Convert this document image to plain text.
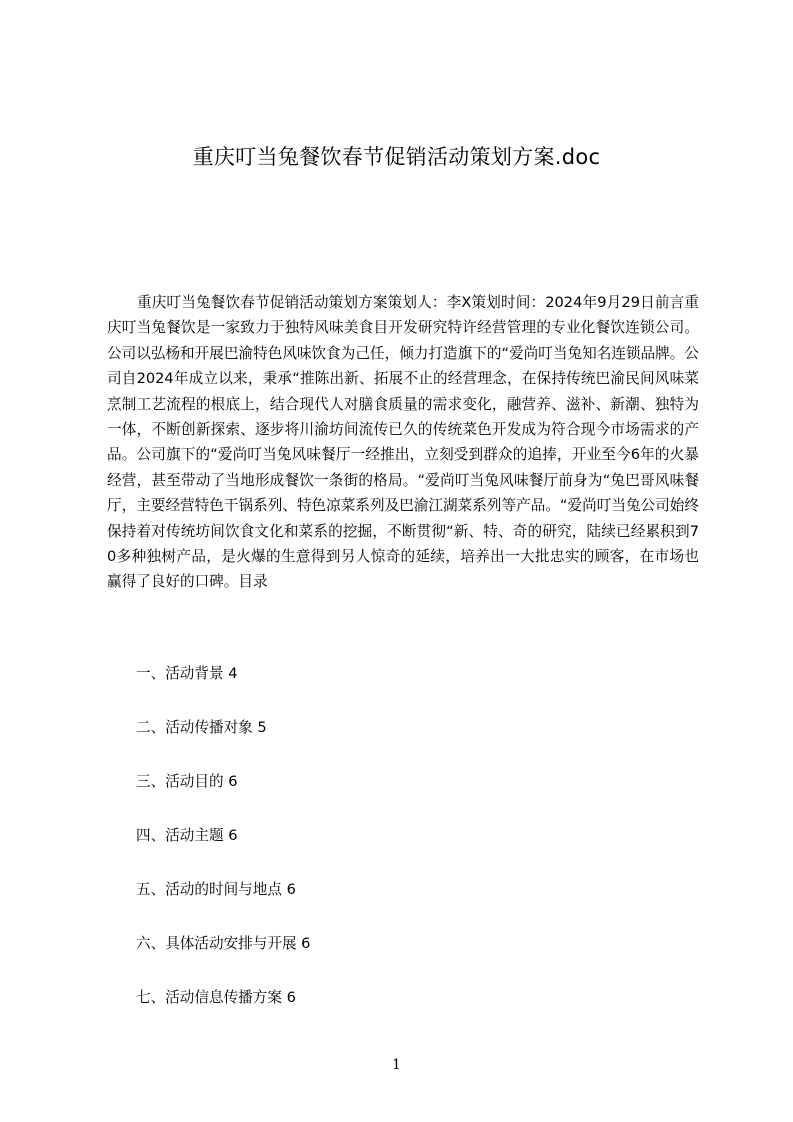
重庆叮当兔餐饮春节促销活动策划方案.doc

重庆叮当兔餐饮春节促销活动策划方案策划人：李X策划时间：2024年9月29日前言重庆叮当兔餐饮是一家致力于独特风味美食目开发研究特许经营管理的专业化餐饮连锁公司。公司以弘杨和开展巴渝特色风味饮食为己任，倾力打造旗下的“爱尚叮当兔知名连锁品牌。公司自2024年成立以来，秉承“推陈出新、拓展不止的经营理念，在保持传统巴渝民间风味菜烹制工艺流程的根底上，结合现代人对膳食质量的需求变化，融营养、滋补、新潮、独特为一体，不断创新探索、逐步将川渝坊间流传已久的传统菜色开发成为符合现今市场需求的产品。公司旗下的“爱尚叮当兔风味餐厅一经推出，立刻受到群众的追捧，开业至今6年的火暴经营，甚至带动了当地形成餐饮一条街的格局。“爱尚叮当兔风味餐厅前身为“兔巴哥风味餐厅，主要经营特色干锅系列、特色凉菜系列及巴渝江湖菜系列等产品。“爱尚叮当兔公司始终保持着对传统坊间饮食文化和菜系的挖掘，不断贯彻“新、特、奇的研究，陆续已经累积到70多种独树产品，是火爆的生意得到另人惊奇的延续，培养出一大批忠实的顾客，在市场也赢得了良好的口碑。目录

一、活动背景 4
二、活动传播对象 5
三、活动目的 6
四、活动主题 6
五、活动的时间与地点 6
六、具体活动安排与开展 6
七、活动信息传播方案 6
1
